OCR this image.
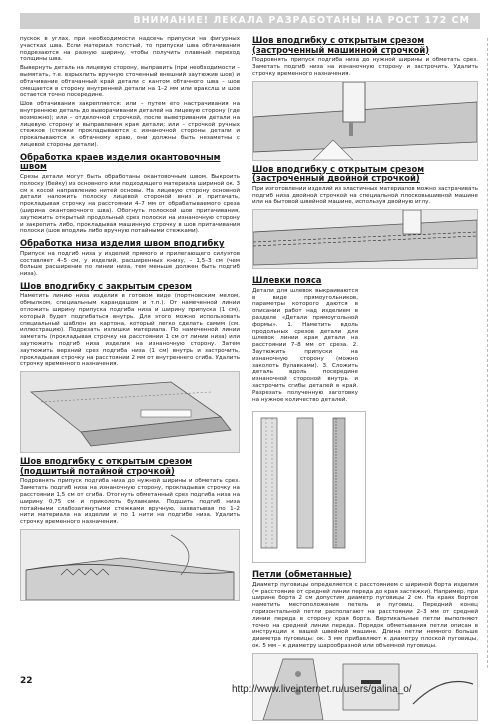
ВНИМАНИЕ! ЛЕКАЛА РАЗРАБОТАНЫ НА РОСТ 172 СМ

пускок в углах, при необходимости надсечь припуски на фигурных участках шва. Если материал толстый, то припуски шва обтачивания подрезаются на разную ширину, чтобы получить плавный переход толщины шва.

Вывернуть деталь на лицевую сторону, выправить (при необходимости – вымятать, т.е. взрыхлить вручную сточенный внешний заутюжив шов) и обтачивание обтачанный край детали с кантом обтачного шва – шов смещается в сторону внутренней детали на 1–2 мм или вракслш и шов остается точно посередине.

Шов обтачивания закрепляется: или – путем его настрачивания на внутреннюю деталь до выворачивания деталей на лицевую сторону (где возможно); или – отделочной строчкой, после выветривания детали на лицевую сторону и выправления края детали; или – строчкой ручных стежков (стежки прокладываются с изнаночной стороны детали и прокалываются к обтачному краю, они должны быть незаметны с лицевой стороны детали).

Обработка краев изделия окантовочным швом

Срезы детали могут быть обработаны окантовочным швом. Выкроить полоску (бейку) из основного или подходящего материала шириной ок. 3 см к косой направлению нитей основы. На лицевую сторону основной детали наложить полоску лицевой стороной вниз и притачать, прокладывая строчку на расстоянии 4–7 мм от обрабатываемого среза (ширина окантовочного шва). Обогнуть полоской шов притачивания, заутюжить открытый продольный срез полоски на изнаночную сторону и закрепить либо, прокладывая машинную строчку в шов притачивания полоски (шов вподлиь либо вручную потайными стежками).

Обработка низа изделия швом вподгибку

Припуск на подгиб низа у изделий прямого и прилегающего силуэтов составляет 4–5 см, у изделий, расширенных книзу, – 1,5–3 см (чем больше расширение по линии низа, тем меньше должен быть подгиб низа).

Шов вподгибку с закрытым срезом

Наметить линию низа изделия в готовом виде (портновским мелом, обмылком, специальным карандашом и т.п.). От намеченной линии отложить ширину припуска подгиба низа и ширину припуска (1 см), который будет подгибаться внутрь. Для этого можно использовать специальный шаблон из картона, который легко сделать самим (см. иллюстрацию). Подрезать излишки материала. По намеченной линии заметать (прокладывая строчку на расстоянии 1 см от линии низа) или заутюжить подгиб низа изделия на изнаночную сторону. Затем заутюжить верхний срез подгиба низа (1 см) внутрь и застрочить, прокладывая строчку на расстоянии 2 мм от внутреннего сгиба. Удалить строчку временного назначения.

Шов вподгибку с открытым срезом (подшитый потайной строчкой)

Подровнять припуск подгиба низа до нужной ширины и обметать срез. Заметать подгиб низа на изнаночную сторону, прокладывая строчку на расстоянии 1,5 см от сгиба. Отогнуть обметанный срез подгиба низа на ширину 0,75 см и приколоть булавками. Подшить подгиб низа потайными слабозатянутыми стежками вручную, захватывая по 1–2 нити материала на изделии и по 1 нити на подгибе низа. Удалить строчку временного назначения.

Шов вподгибку с открытым срезом (застроченный машинной строчкой)

Подровнять припуск подгиба низа до нужной ширины и обметать срез. Заметать подгиб низа на изнаночную сторону и застрочить. Удалить строчку временного назначения.

Шов вподгибку с открытым срезом (застроченный двойной строчкой)

При изготовлении изделий из эластичных материалов можно застрачивать подгиб низа двойной строчкой на специальной плосковышивной машине или на бытовой швейной машине, используя двойную иглу.

Шлевки пояса

Детали для шлевок выкраиваются в виде прямоугольников, параметры которого даются в описании работ над изделием в разделе «Детали прямоугольной формы». 1. Наметить вдоль продольных срезов детали для шлевок линии края детали на расстоянии 7–8 мм от среза. 2. Заутюжить припуски на изнаночную сторону (можно заколоть булавками). 3. Сложить деталь вдоль посередине изнаночной стороной внутрь и застрочить сгибы деталей в край. Разрезать полученную заготовку на нужное количество деталей.

Петли (обметанные)

Диаметр пуговицы определяется с расстоянием с шириной борта изделия (= расстояние от средней линии переда до края застежки). Например, при ширине борта 2 см допустим диаметр пуговицы 2 см. На краях бортов наметить местоположение петель и пуговиц. Передний конец горизонтальной петли располагают на расстоянии 2–3 мм от средней линии переда в сторону края борта. Вертикальные петли выполняют точно на средней линии переда. Порядок обметывания петли описан в инструкции к вашей швейной машине. Длина петли немного больше диаметра пуговицы: ок. 3 мм прибавляют к диаметру плоской пуговицы, ок. 5 мм – к диаметру шарообразной или объемной пуговицы.

22
http://www.liveinternet.ru/users/galina_o/
